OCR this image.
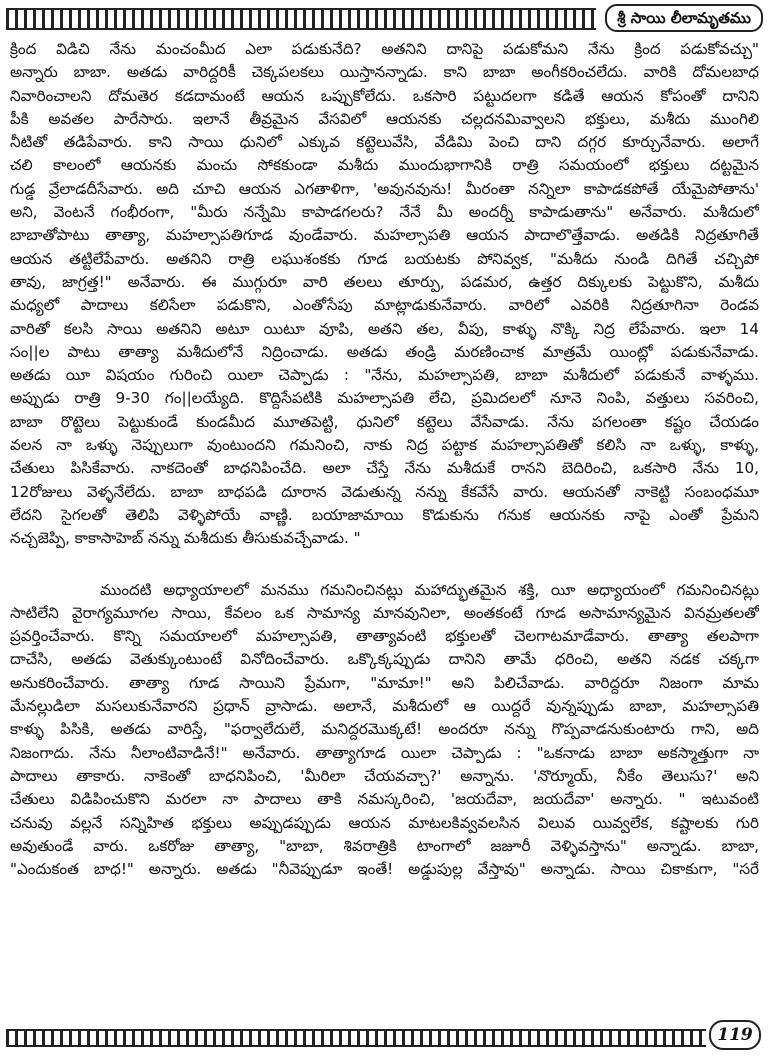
శ్రీ సాయి లీలామృతము
క్రింద విడిచి నేను మంచంమీద ఎలా పడుకునేది? అతనిని దానిపై పడుకోమని నేను క్రింద పడుకోవచ్చు"
అన్నారు బాబా. అతడు వారిద్దరికీ చెక్కపలకలు యిస్తానన్నాడు. కాని బాబా అంగీకరించలేదు. వారికి దోమలబాధ
నివారించాలని దోమతెర కడదామంటే ఆయన ఒప్పుకోలేదు. ఒకసారి పట్టుదలగా కడితే ఆయన కోపంతో దానిని
పీకి అవతల పారేసారు. ఇలానే తీవ్రమైన వేసవిలో ఆయనకు చల్లదనమివ్వాలని భక్తులు, మశీదు ముంగిలి
నీటితో తడిపేవారు. కాని సాయి ధునిలో ఎక్కువ కట్టెలువేసి, వేడిమి పెంచి దాని దగ్గర కూర్చునేవారు. అలాగే
చలి కాలంలో ఆయనకు మంచు సోకకుండా మశీదు ముందుభాగానికి రాత్రి సమయంలో భక్తులు దట్టమైన
గుడ్డ వ్రేలాడదీసేవారు. అది చూచి ఆయన ఎగతాళిగా, 'అవునవును! మీరంతా నన్నిలా కాపాడకపోతే యేమైపోతాను'
అని, వెంటనే గంభీరంగా, "మీరు నన్నేమి కాపాడగలరు? నేనే మీ అందర్నీ కాపాడుతాను" అనేవారు. మశీదులో
బాబాతోపాటు తాత్యా, మహల్సాపతిగూడ వుండేవారు. మహల్సాపతి ఆయన పాదాలొత్తేవాడు. అతడికి నిద్రతూగితే
ఆయన తట్టిలేపేవారు. అతనిని రాత్రి లఘుశంకకు గూడ బయటకు పోనివ్వక, "మశీదు నుండి దిగితే చచ్చిపో
తావు, జాగ్రత్త!" అనేవారు. ఈ ముగ్గురూ వారి తలలు తూర్పు, పడమర, ఉత్తర దిక్కులకు పెట్టుకొని, మశీదు
మధ్యలో పాదాలు కలిసేలా పడుకొని, ఎంతోసేపు మాట్లాడుకునేవారు. వారిలో ఎవరికి నిద్రతూగినా రెండవ
వారితో కలసి సాయి అతనిని అటూ యిటూ వూపి, అతని తల, వీపు, కాళ్ళు నొక్కి నిద్ర లేపేవారు. ఇలా 14
సం||ల పాటు తాత్యా మశీదులోనే నిద్రించాడు. అతడు తండ్రి మరణించాక మాత్రమే యింట్లో పడుకునేవాడు.
అతడు యీ విషయం గురించి యిలా చెప్పాడు : "నేను, మహల్సాపతి, బాబా మశీదులో పడుకునే వాళ్ళము.
అప్పుడు రాత్రి 9-30 గం||లయ్యేది. కొద్దిసేపటికి మహల్సాపతి లేచి, ప్రమిదలలో నూనె నింపి, వత్తులు సవరించి,
బాబా రొట్టెలు పెట్టుకుండే కుండమీద మూతపెట్టి, ధునిలో కట్టెలు వేసేవాడు. నేను పగలంతా కష్టం చేయడం
వలన నా ఒళ్ళు నెప్పులుగా వుంటుందని గమనించి, నాకు నిద్ర పట్టాక మహల్సాపతితో కలిసి నా ఒళ్ళు, కాళ్ళు,
చేతులు పిసికేవారు. నాకదెంతో బాధనిపించేది. అలా చేస్తే నేను మశీదుకే రానని బెదిరించి, ఒకసారి నేను 10,
12రోజులు వెళ్ళనేలేదు. బాబా బాధపడి దూరాన వెడుతున్న నన్ను కేకవేసే వారు. ఆయనతో నాకెట్టి సంబంధమూ
లేదని సైగలతో తెలిపి వెళ్ళిపోయే వాణ్ణి. బయాజామాయి కొడుకును గనుక ఆయనకు నాపై ఎంతో ప్రేమని
నచ్చజెప్పి, కాకాసాహెబ్ నన్ను మశీదుకు తీసుకువచ్చేవాడు. "
ముందటి అధ్యాయాలలో మనము గమనించినట్లు మహాద్భుతమైన శక్తి, యీ అధ్యాయంలో గమనించినట్లు
సాటిలేని వైరాగ్యమూగల సాయి, కేవలం ఒక సామాన్య మానవునిలా, అంతకంటే గూడ అసామాన్యమైన వినమ్రతలతో
ప్రవర్తించేవారు. కొన్ని సమయాలలో మహల్సాపతి, తాత్యావంటి భక్తులతో చెలగాటమాడేవారు. తాత్యా తలపాగా
దాచేసి, అతడు వెతుక్కుంటుంటే వినోదించేవారు. ఒక్కొక్కప్పుడు దానిని తామే ధరించి, అతని నడక చక్కగా
అనుకరించేవారు. తాత్యా గూడ సాయిని ప్రేమగా, "మామా!" అని పిలిచేవాడు. వారిద్దరూ నిజంగా మామ
మేనల్లుడిలా మసలుకునేవారని ప్రధాన్ వ్రాసాడు. అలానే, మశీదులో ఆ యిద్దరే వున్నప్పుడు బాబా, మహల్సాపతి
కాళ్ళు పిసికి, అతడు వారిస్తే, "ఫర్వాలేదులే, మనిద్దరమొక్కటే! అందరూ నన్ను గొప్పవాడనుకుంటారు గాని, అది
నిజంగాదు. నేను నీలాంటివాడినే!" అనేవారు. తాత్యాగూడ యిలా చెప్పాడు : "ఒకనాడు బాబా అకస్మాత్తుగా నా
పాదాలు తాకారు. నాకెంతో బాధనిపించి, 'మీరిలా చేయవచ్చా?' అన్నాను. 'నొర్మూయ్, నీకేం తెలుసు?' అని
చేతులు విడిపించుకొని మరలా నా పాదాలు తాకి నమస్కరించి, 'జయదేవా, జయదేవా' అన్నారు. " ఇటువంటి
చనువు వల్లనే సన్నిహిత భక్తులు అప్పుడప్పుడు ఆయన మాటలకివ్వవలసిన విలువ యివ్వలేక, కష్టాలకు గురి
అవుతుండే వారు. ఒకరోజు తాత్యా, "బాబా, శివరాత్రికి టాంగాలో జజూరీ వెళ్ళివస్తాను" అన్నాడు. బాబా,
"ఎందుకంత బాధ!" అన్నారు. అతడు "నీవెప్పుడూ ఇంతే! అడ్డుపుల్ల వేస్తావు" అన్నాడు. సాయి చికాకుగా, "సరే
119
